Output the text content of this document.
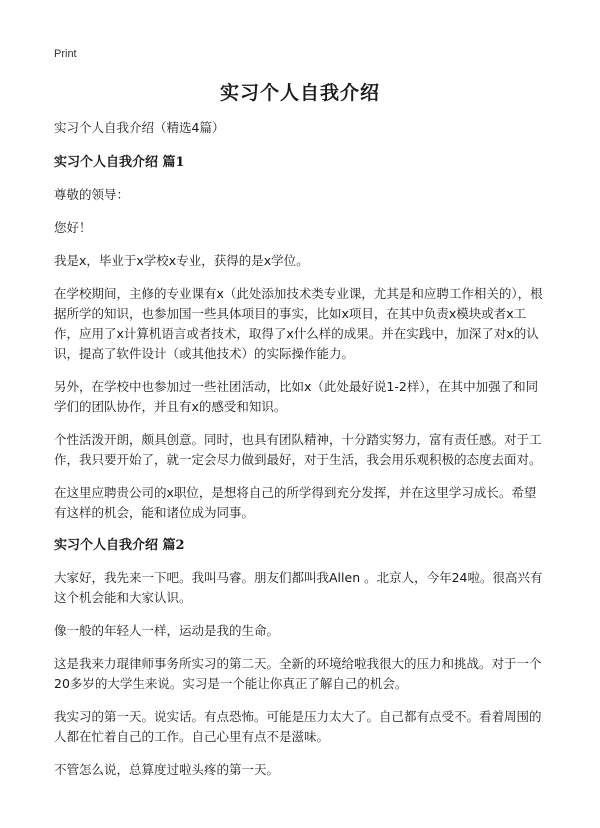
Print
实习个人自我介绍

实习个人自我介绍（精选4篇）

实习个人自我介绍 篇1

尊敬的领导：

您好！

我是x，毕业于x学校x专业，获得的是x学位。

在学校期间，主修的专业课有x（此处添加技术类专业课，尤其是和应聘工作相关的），根据所学的知识，也参加国一些具体项目的事实，比如x项目，在其中负责x模块或者x工作，应用了x计算机语言或者技术，取得了x什么样的成果。并在实践中，加深了对x的认识，提高了软件设计（或其他技术）的实际操作能力。

另外，在学校中也参加过一些社团活动，比如x（此处最好说1-2样），在其中加强了和同学们的团队协作，并且有x的感受和知识。

个性活泼开朗，颇具创意。同时，也具有团队精神，十分踏实努力，富有责任感。对于工作，我只要开始了，就一定会尽力做到最好，对于生活，我会用乐观积极的态度去面对。

在这里应聘贵公司的x职位，是想将自己的所学得到充分发挥，并在这里学习成长。希望有这样的机会，能和诸位成为同事。

实习个人自我介绍 篇2

大家好，我先来一下吧。我叫马睿。朋友们都叫我Allen 。北京人，今年24啦。很高兴有这个机会能和大家认识。

像一般的年轻人一样，运动是我的生命。

这是我来力琨律师事务所实习的第二天。全新的环境给啦我很大的压力和挑战。对于一个20多岁的大学生来说。实习是一个能让你真正了解自己的机会。

我实习的第一天。说实话。有点恐怖。可能是压力太大了。自己都有点受不。看着周围的人都在忙着自己的工作。自己心里有点不是滋味。

不管怎么说，总算度过啦头疼的第一天。
